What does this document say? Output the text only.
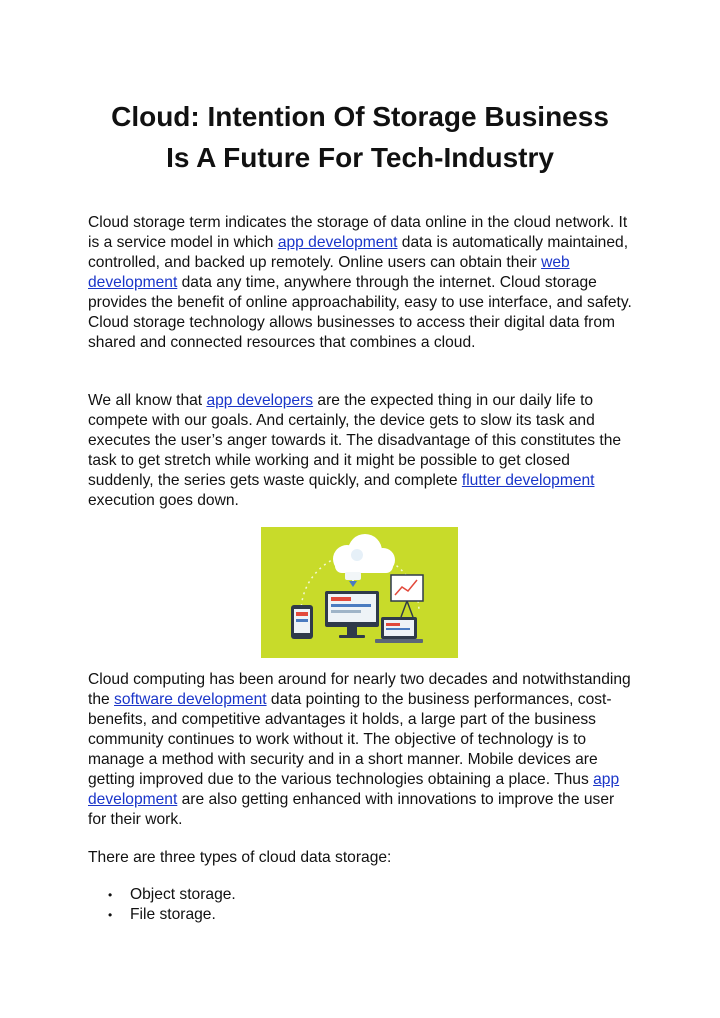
Cloud: Intention Of Storage Business Is A Future For Tech-Industry

Cloud storage term indicates the storage of data online in the cloud network. It is a service model in which app development data is automatically maintained, controlled, and backed up remotely. Online users can obtain their web development data any time, anywhere through the internet. Cloud storage provides the benefit of online approachability, easy to use interface, and safety. Cloud storage technology allows businesses to access their digital data from shared and connected resources that combines a cloud.

We all know that app developers are the expected thing in our daily life to compete with our goals. And certainly, the device gets to slow its task and executes the user’s anger towards it. The disadvantage of this constitutes the task to get stretch while working and it might be possible to get closed suddenly, the series gets waste quickly, and complete flutter development execution goes down.

Cloud computing has been around for nearly two decades and notwithstanding the software development data pointing to the business performances, cost-benefits, and competitive advantages it holds, a large part of the business community continues to work without it. The objective of technology is to manage a method with security and in a short manner. Mobile devices are getting improved due to the various technologies obtaining a place. Thus app development are also getting enhanced with innovations to improve the user for their work.

There are three types of cloud data storage:

• Object storage.
• File storage.
